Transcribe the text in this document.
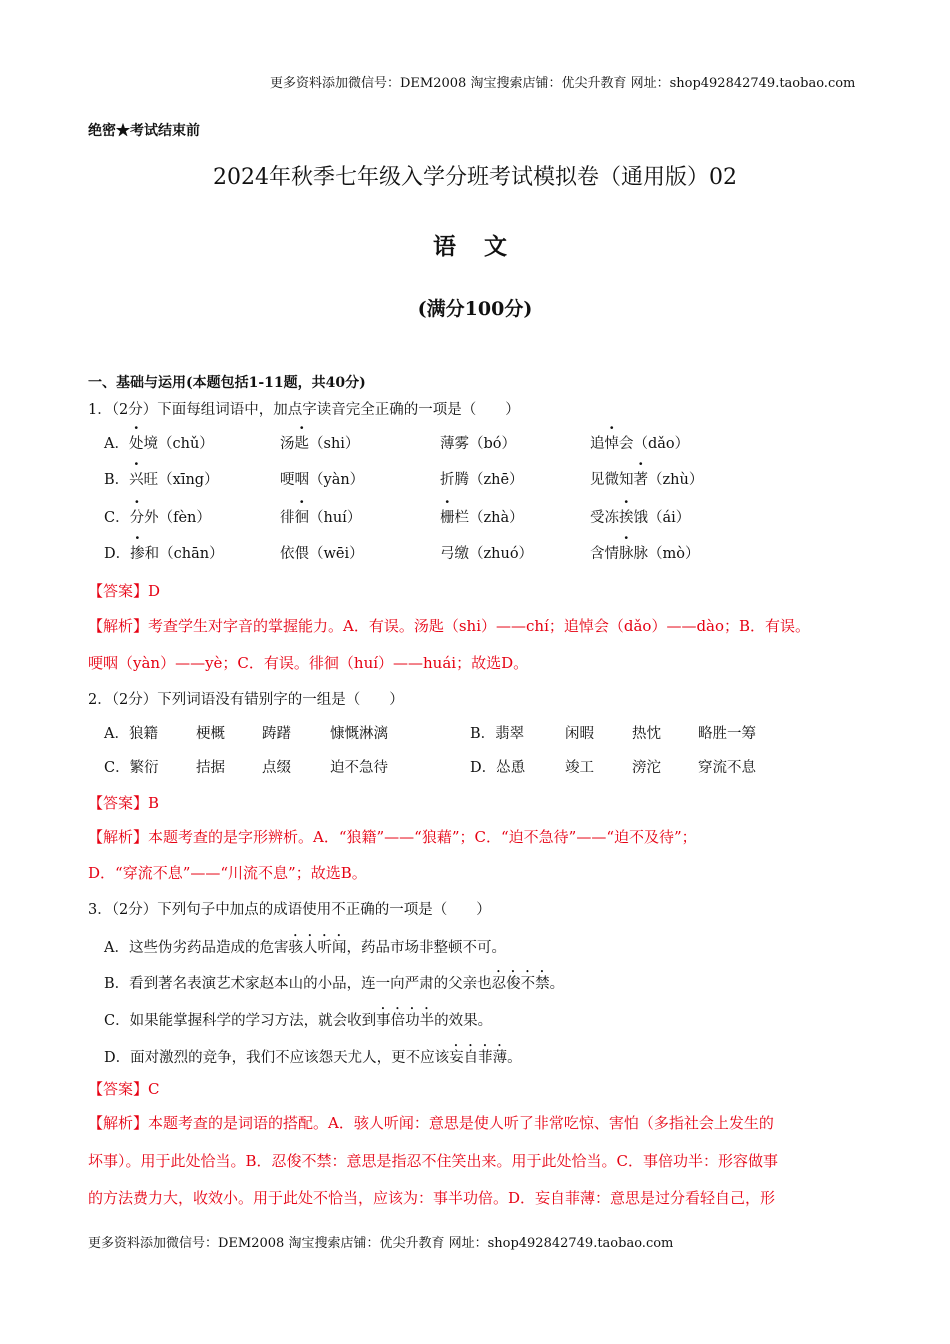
更多资料添加微信号：DEM2008 淘宝搜索店铺：优尖升教育 网址：shop492842749.taobao.com
更多资料添加微信号：DEM2008 淘宝搜索店铺：优尖升教育 网址：shop492842749.taobao.com
绝密★考试结束前
2024年秋季七年级入学分班考试模拟卷（通用版）02
语 文
(满分100分)
一、基础与运用(本题包括1-11题，共40分)
1．（2分）下面每组词语中，加点字读音完全正确的一项是（　　）
A．处境（chǔ）	汤匙（shi）	薄雾（bó）	追悼会（dǎo）
B．兴旺（xīng）	哽咽（yàn）	折腾（zhē）	见微知著（zhù）
C．分外（fèn）	徘徊（huí）	栅栏（zhà）	受冻挨饿（ái）
D．掺和（chān）	依偎（wēi）	弓缴（zhuó）	含情脉脉（mò）
【答案】D
【解析】考查学生对字音的掌握能力。A．有误。汤匙（shi）——chí；追悼会（dǎo）——dào；B．有误。
哽咽（yàn）——yè；C．有误。徘徊（huí）——huái；故选D。
2．（2分）下列词语没有错别字的一组是（　　）
A．狼籍	梗概	踌躇	慷慨淋漓	B．翡翠	闲暇	热忱	略胜一筹
C．繁衍	拮据	点缀	迫不急待	D．怂恿	竣工	滂沱	穿流不息
【答案】B
【解析】本题考查的是字形辨析。A．“狼籍”——“狼藉”；C．“迫不急待”——“迫不及待”；
D．“穿流不息”——“川流不息”；故选B。
3．（2分）下列句子中加点的成语使用不正确的一项是（　　）
A．这些伪劣药品造成的危害骇人听闻，药品市场非整顿不可。
B．看到著名表演艺术家赵本山的小品，连一向严肃的父亲也忍俊不禁。
C．如果能掌握科学的学习方法，就会收到事倍功半的效果。
D．面对激烈的竞争，我们不应该怨天尤人，更不应该妄自菲薄。
【答案】C
【解析】本题考查的是词语的搭配。A．骇人听闻：意思是使人听了非常吃惊、害怕（多指社会上发生的
坏事）。用于此处恰当。B．忍俊不禁：意思是指忍不住笑出来。用于此处恰当。C．事倍功半：形容做事
的方法费力大，收效小。用于此处不恰当，应该为：事半功倍。D．妄自菲薄：意思是过分看轻自己，形
